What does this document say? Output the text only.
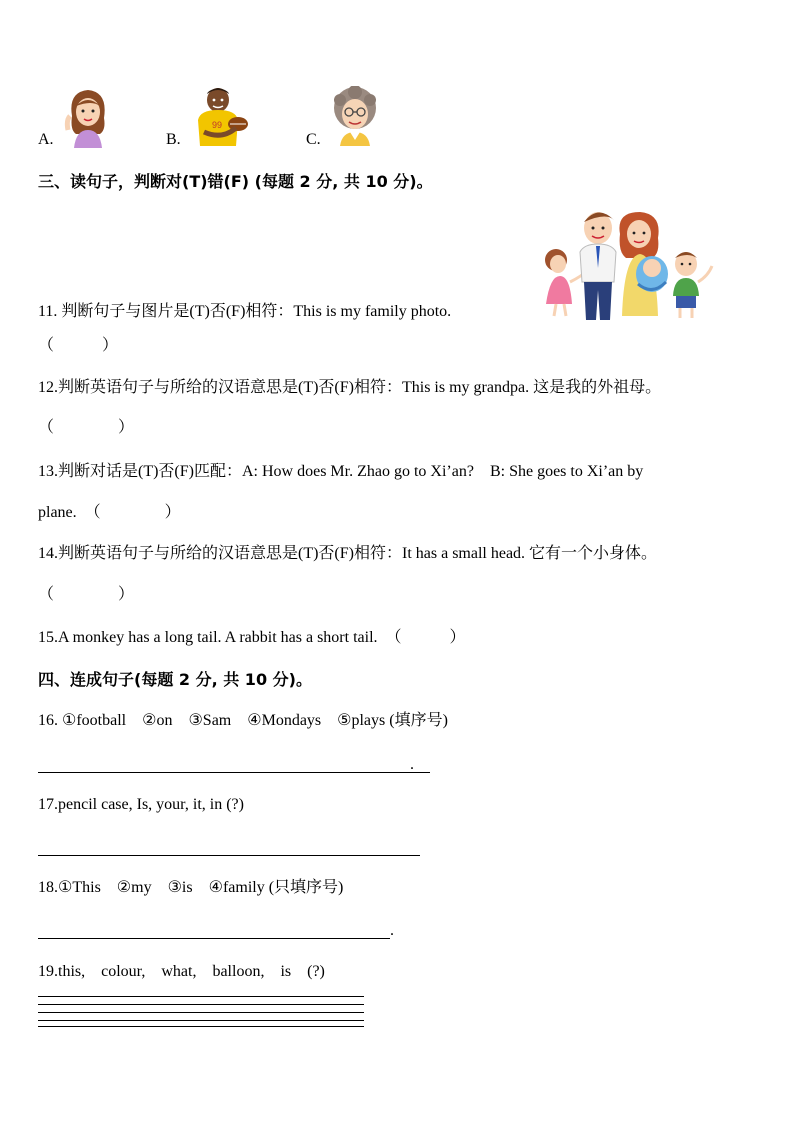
A.	B.
99
C.
三、读句子，判断对(T)错(F) (每题 2 分, 共 10 分)。
11. 判断句子与图片是(T)否(F)相符：This is my family photo.
（　　　）
12.判断英语句子与所给的汉语意思是(T)否(F)相符：This is my grandpa. 这是我的外祖母。
（　　　　）
13.判断对话是(T)否(F)匹配：A: How does Mr. Zhao go to Xi’an?　B: She goes to Xi’an by
plane.　（　　　　）
14.判断英语句子与所给的汉语意思是(T)否(F)相符：It has a small head. 它有一个小身体。
（　　　　）
15.A monkey has a long tail. A rabbit has a short tail.　（　　　）
四、连成句子(每题 2 分, 共 10 分)。
16. ①football　②on　③Sam　④Mondays　⑤plays (填序号)
.
17.pencil case, Is, your, it, in (?)
18.①This　②my　③is　④family (只填序号)
.
19.this,　colour,　what,　balloon,　is　(?)
